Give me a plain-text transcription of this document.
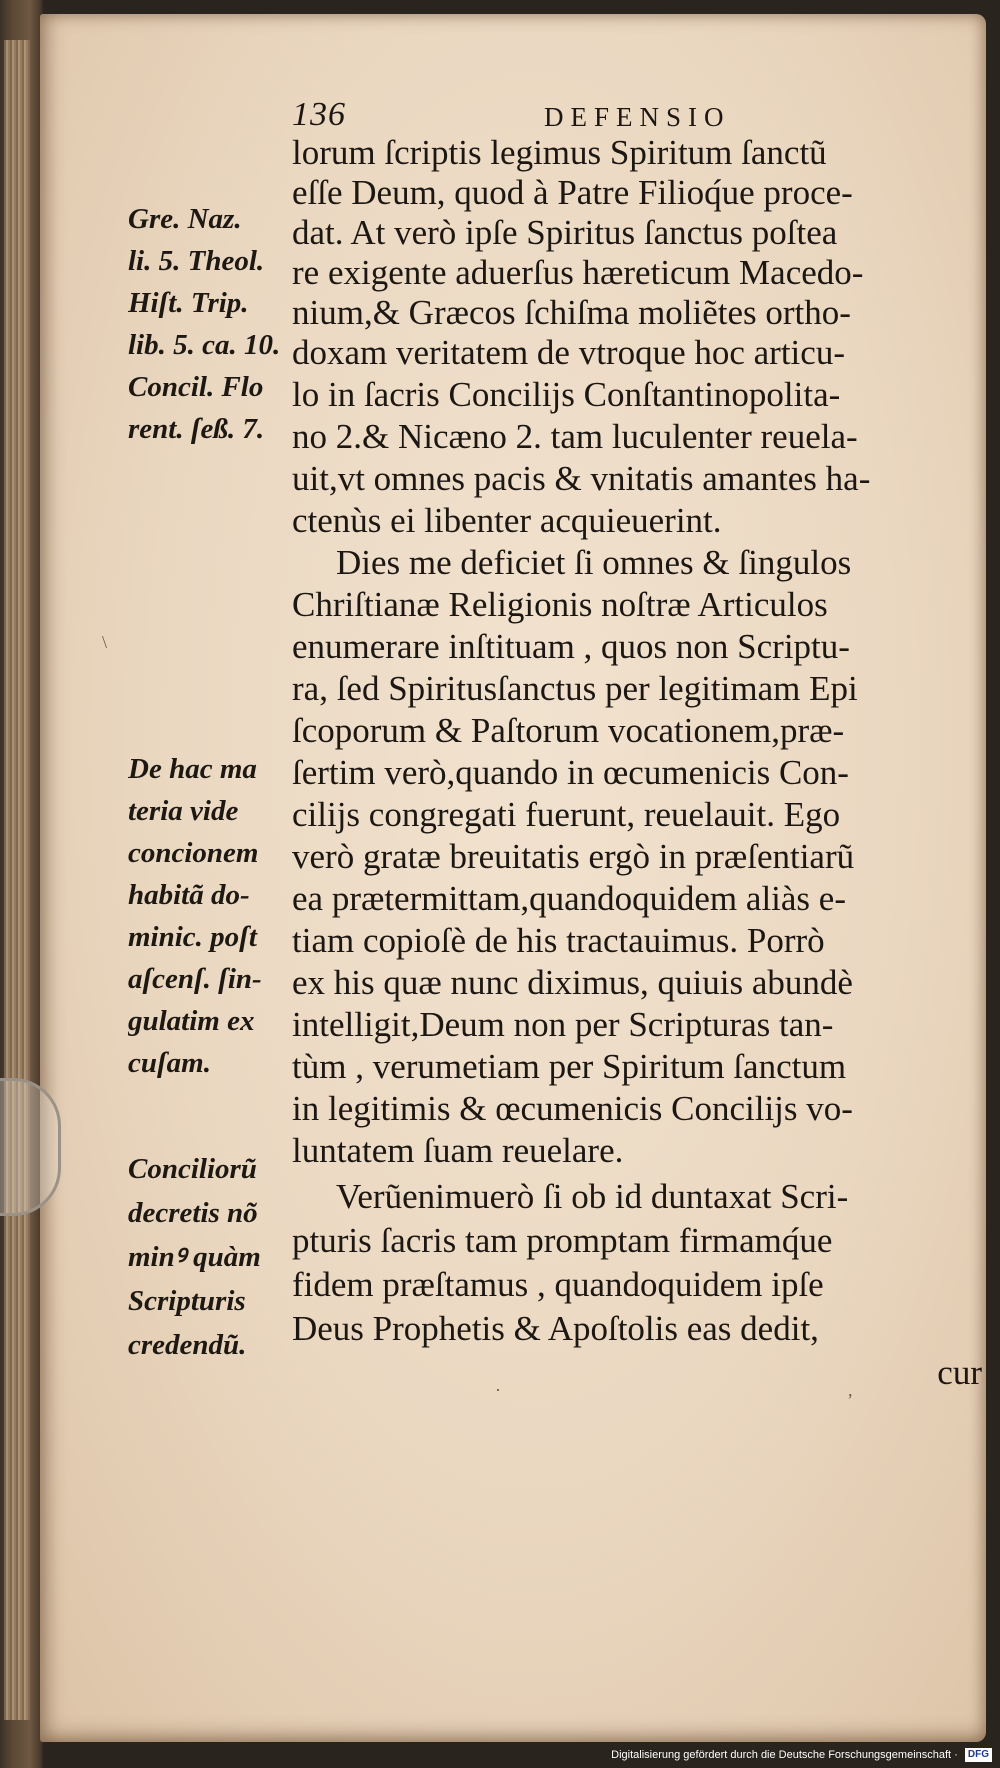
136	DEFENSIO
lorum ſcriptis legimus Spiritum ſanctũ
eſſe Deum, quod à Patre Filioq́ue proce-
dat. At verò ipſe Spiritus ſanctus poſtea
re exigente aduerſus hæreticum Macedo-
nium,& Græcos ſchiſma moliẽtes ortho-
doxam veritatem de vtroque hoc articu-
lo in ſacris Concilijs Conſtantinopolita-
no 2.& Nicæno 2. tam luculenter reuela-
uit,vt omnes pacis & vnitatis amantes ha-
ctenùs ei libenter acquieuerint.
Dies me deficiet ſi omnes & ſingulos
Chriſtianæ Religionis noſtræ Articulos
enumerare inſtituam , quos non Scriptu-
ra, ſed Spiritusſanctus per legitimam Epi
ſcoporum & Paſtorum vocationem,præ-
ſertim verò,quando in œcumenicis Con-
cilijs congregati fuerunt, reuelauit. Ego
verò gratæ breuitatis ergò in præſentiarũ
ea prætermittam,quandoquidem aliàs e-
tiam copioſè de his tractauimus. Porrò
ex his quæ nunc diximus, quiuis abundè
intelligit,Deum non per Scripturas tan-
tùm , verumetiam per Spiritum ſanctum
in legitimis & œcumenicis Concilijs vo-
luntatem ſuam reuelare.
Verũenimuerò ſi ob id duntaxat Scri-
pturis ſacris tam promptam firmamq́ue
fidem præſtamus , quandoquidem ipſe
Deus Prophetis & Apoſtolis eas dedit,
cur
Gre. Naz.
li. 5. Theol.
Hiſt. Trip.
lib. 5. ca. 10.
Concil. Flo
rent. ſeß. 7.
De hac ma
teria vide
concionem
habitã do-
minic. poſt
aſcenſ. ſin-
gulatim ex
cuſam.
Conciliorũ
decretis nõ
minꝰ quàm
Scripturis
credendũ.
\
·	,
Digitalisierung gefördert durch die Deutsche Forschungsgemeinschaft · DFG
